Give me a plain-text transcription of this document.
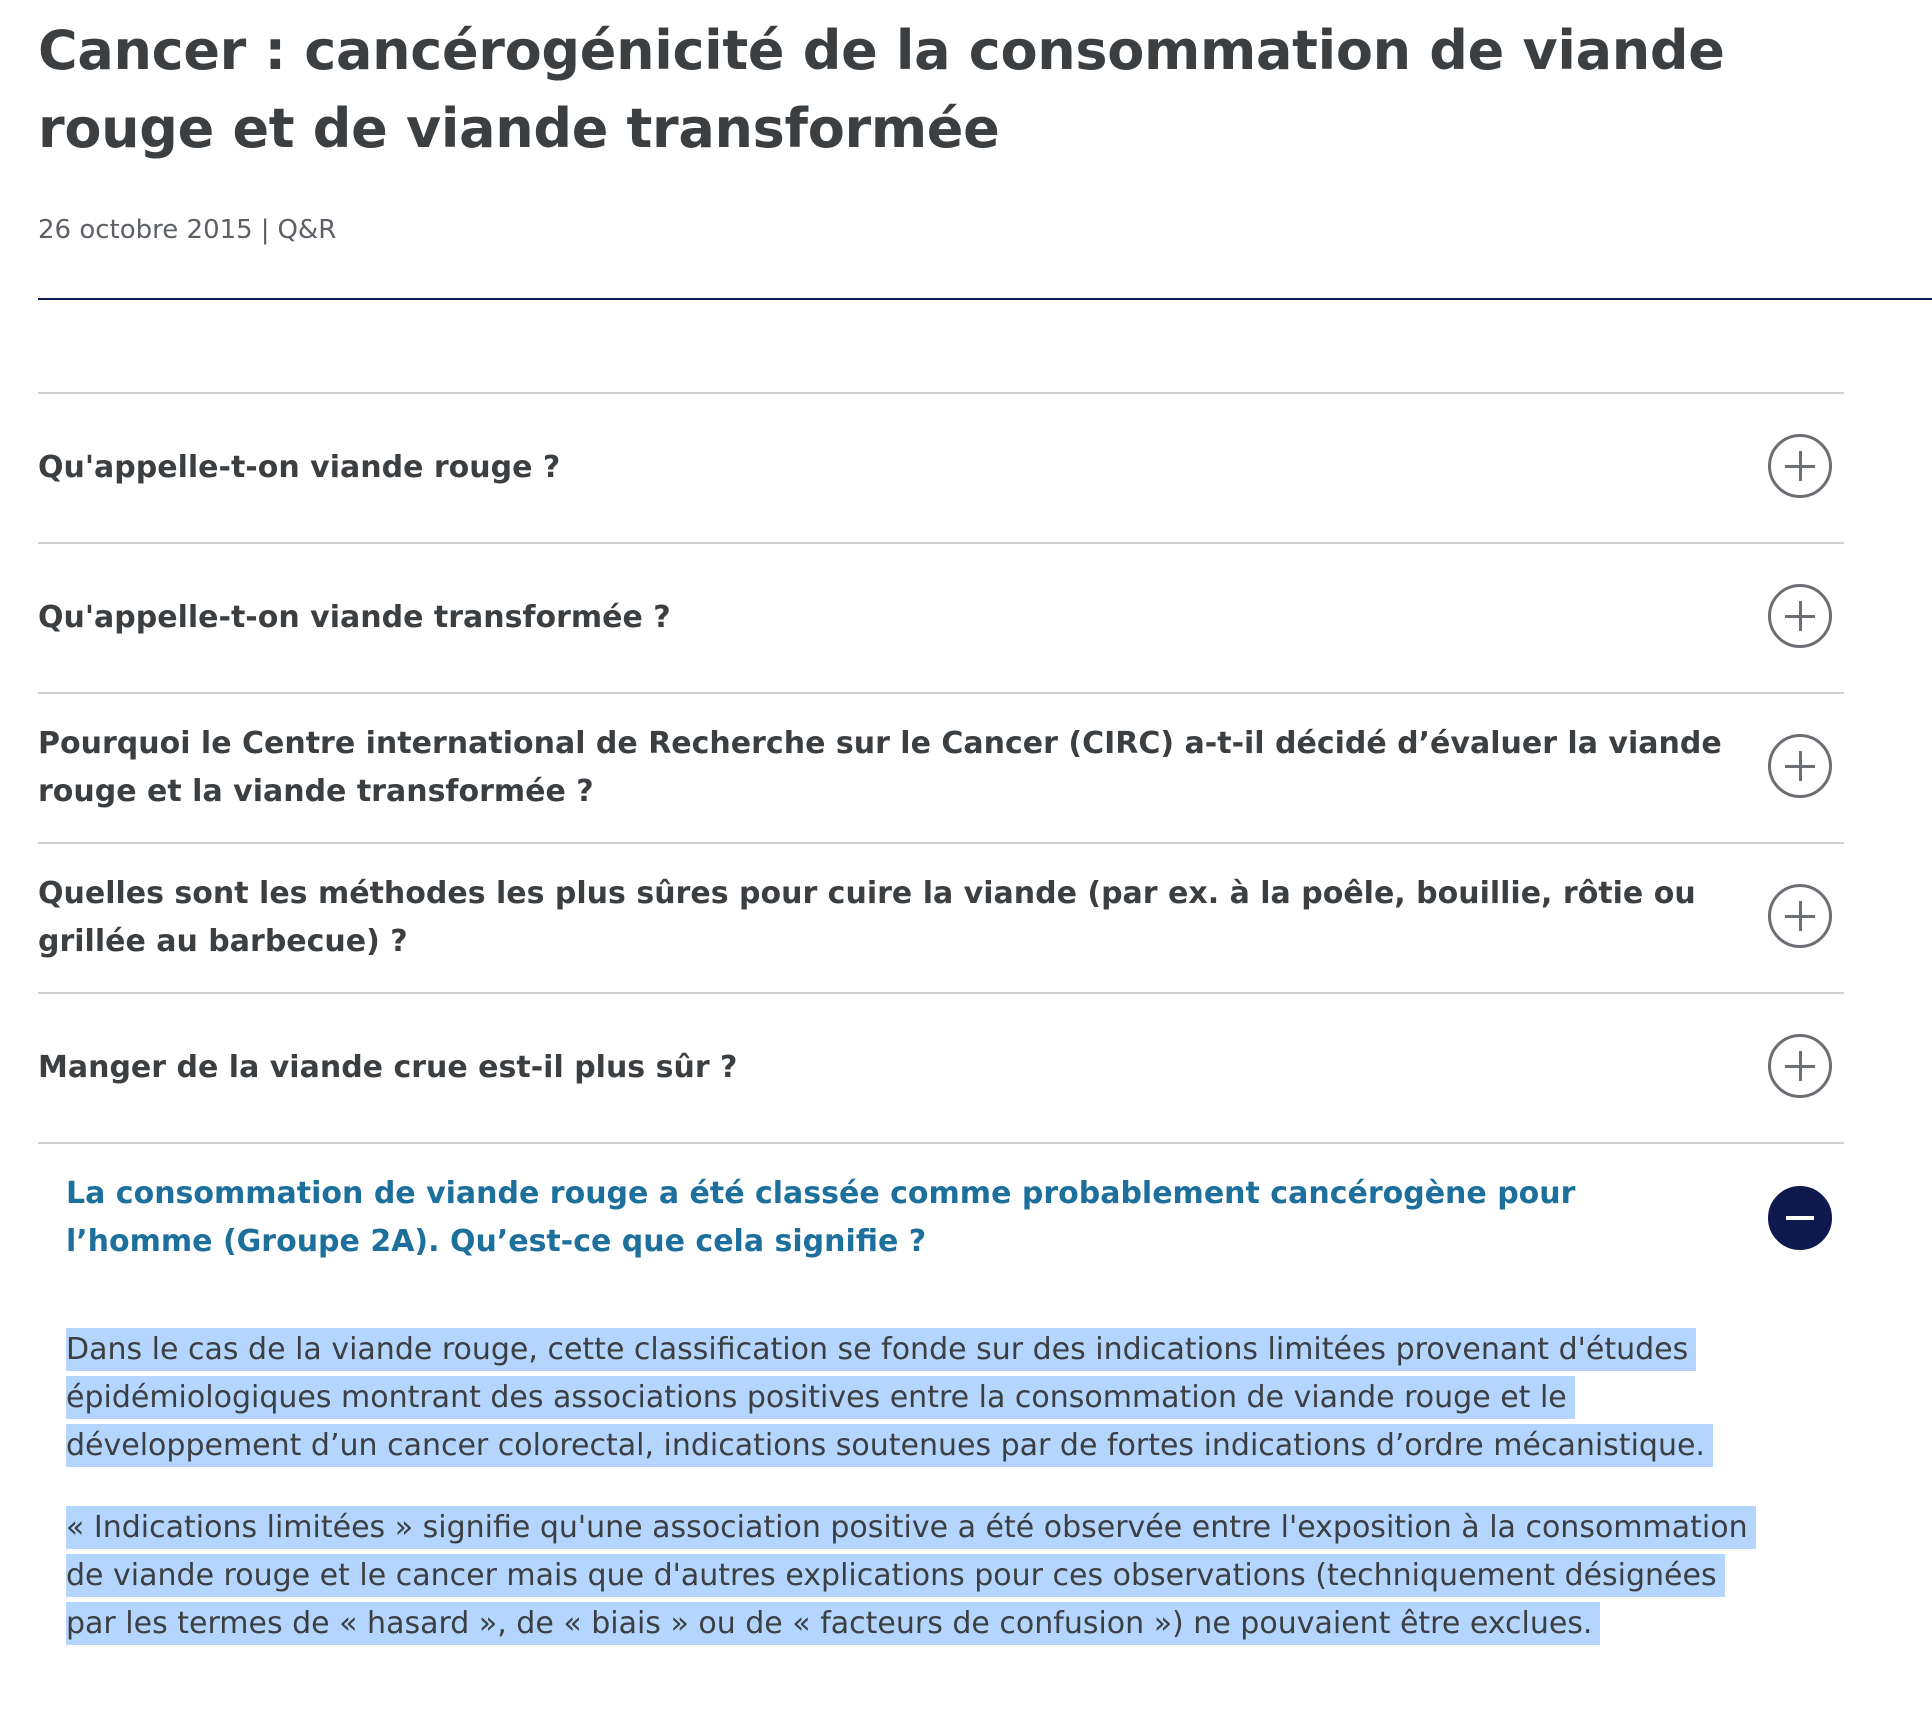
Cancer : cancérogénicité de la consommation de viande rouge et de viande transformée
26 octobre 2015 | Q&R
Qu'appelle-t-on viande rouge ?
Qu'appelle-t-on viande transformée ?
Pourquoi le Centre international de Recherche sur le Cancer (CIRC) a-t-il décidé d’évaluer la viande rouge et la viande transformée ?
Quelles sont les méthodes les plus sûres pour cuire la viande (par ex. à la poêle, bouillie, rôtie ou grillée au barbecue) ?
Manger de la viande crue est-il plus sûr ?
La consommation de viande rouge a été classée comme probablement cancérogène pour l’homme (Groupe 2A). Qu’est-ce que cela signifie ?

Dans le cas de la viande rouge, cette classification se fonde sur des indications limitées provenant d'études épidémiologiques montrant des associations positives entre la consommation de viande rouge et le développement d’un cancer colorectal, indications soutenues par de fortes indications d’ordre mécanistique.

« Indications limitées » signifie qu'une association positive a été observée entre l'exposition à la consommation de viande rouge et le cancer mais que d'autres explications pour ces observations (techniquement désignées par les termes de « hasard », de « biais » ou de « facteurs de confusion ») ne pouvaient être exclues.
